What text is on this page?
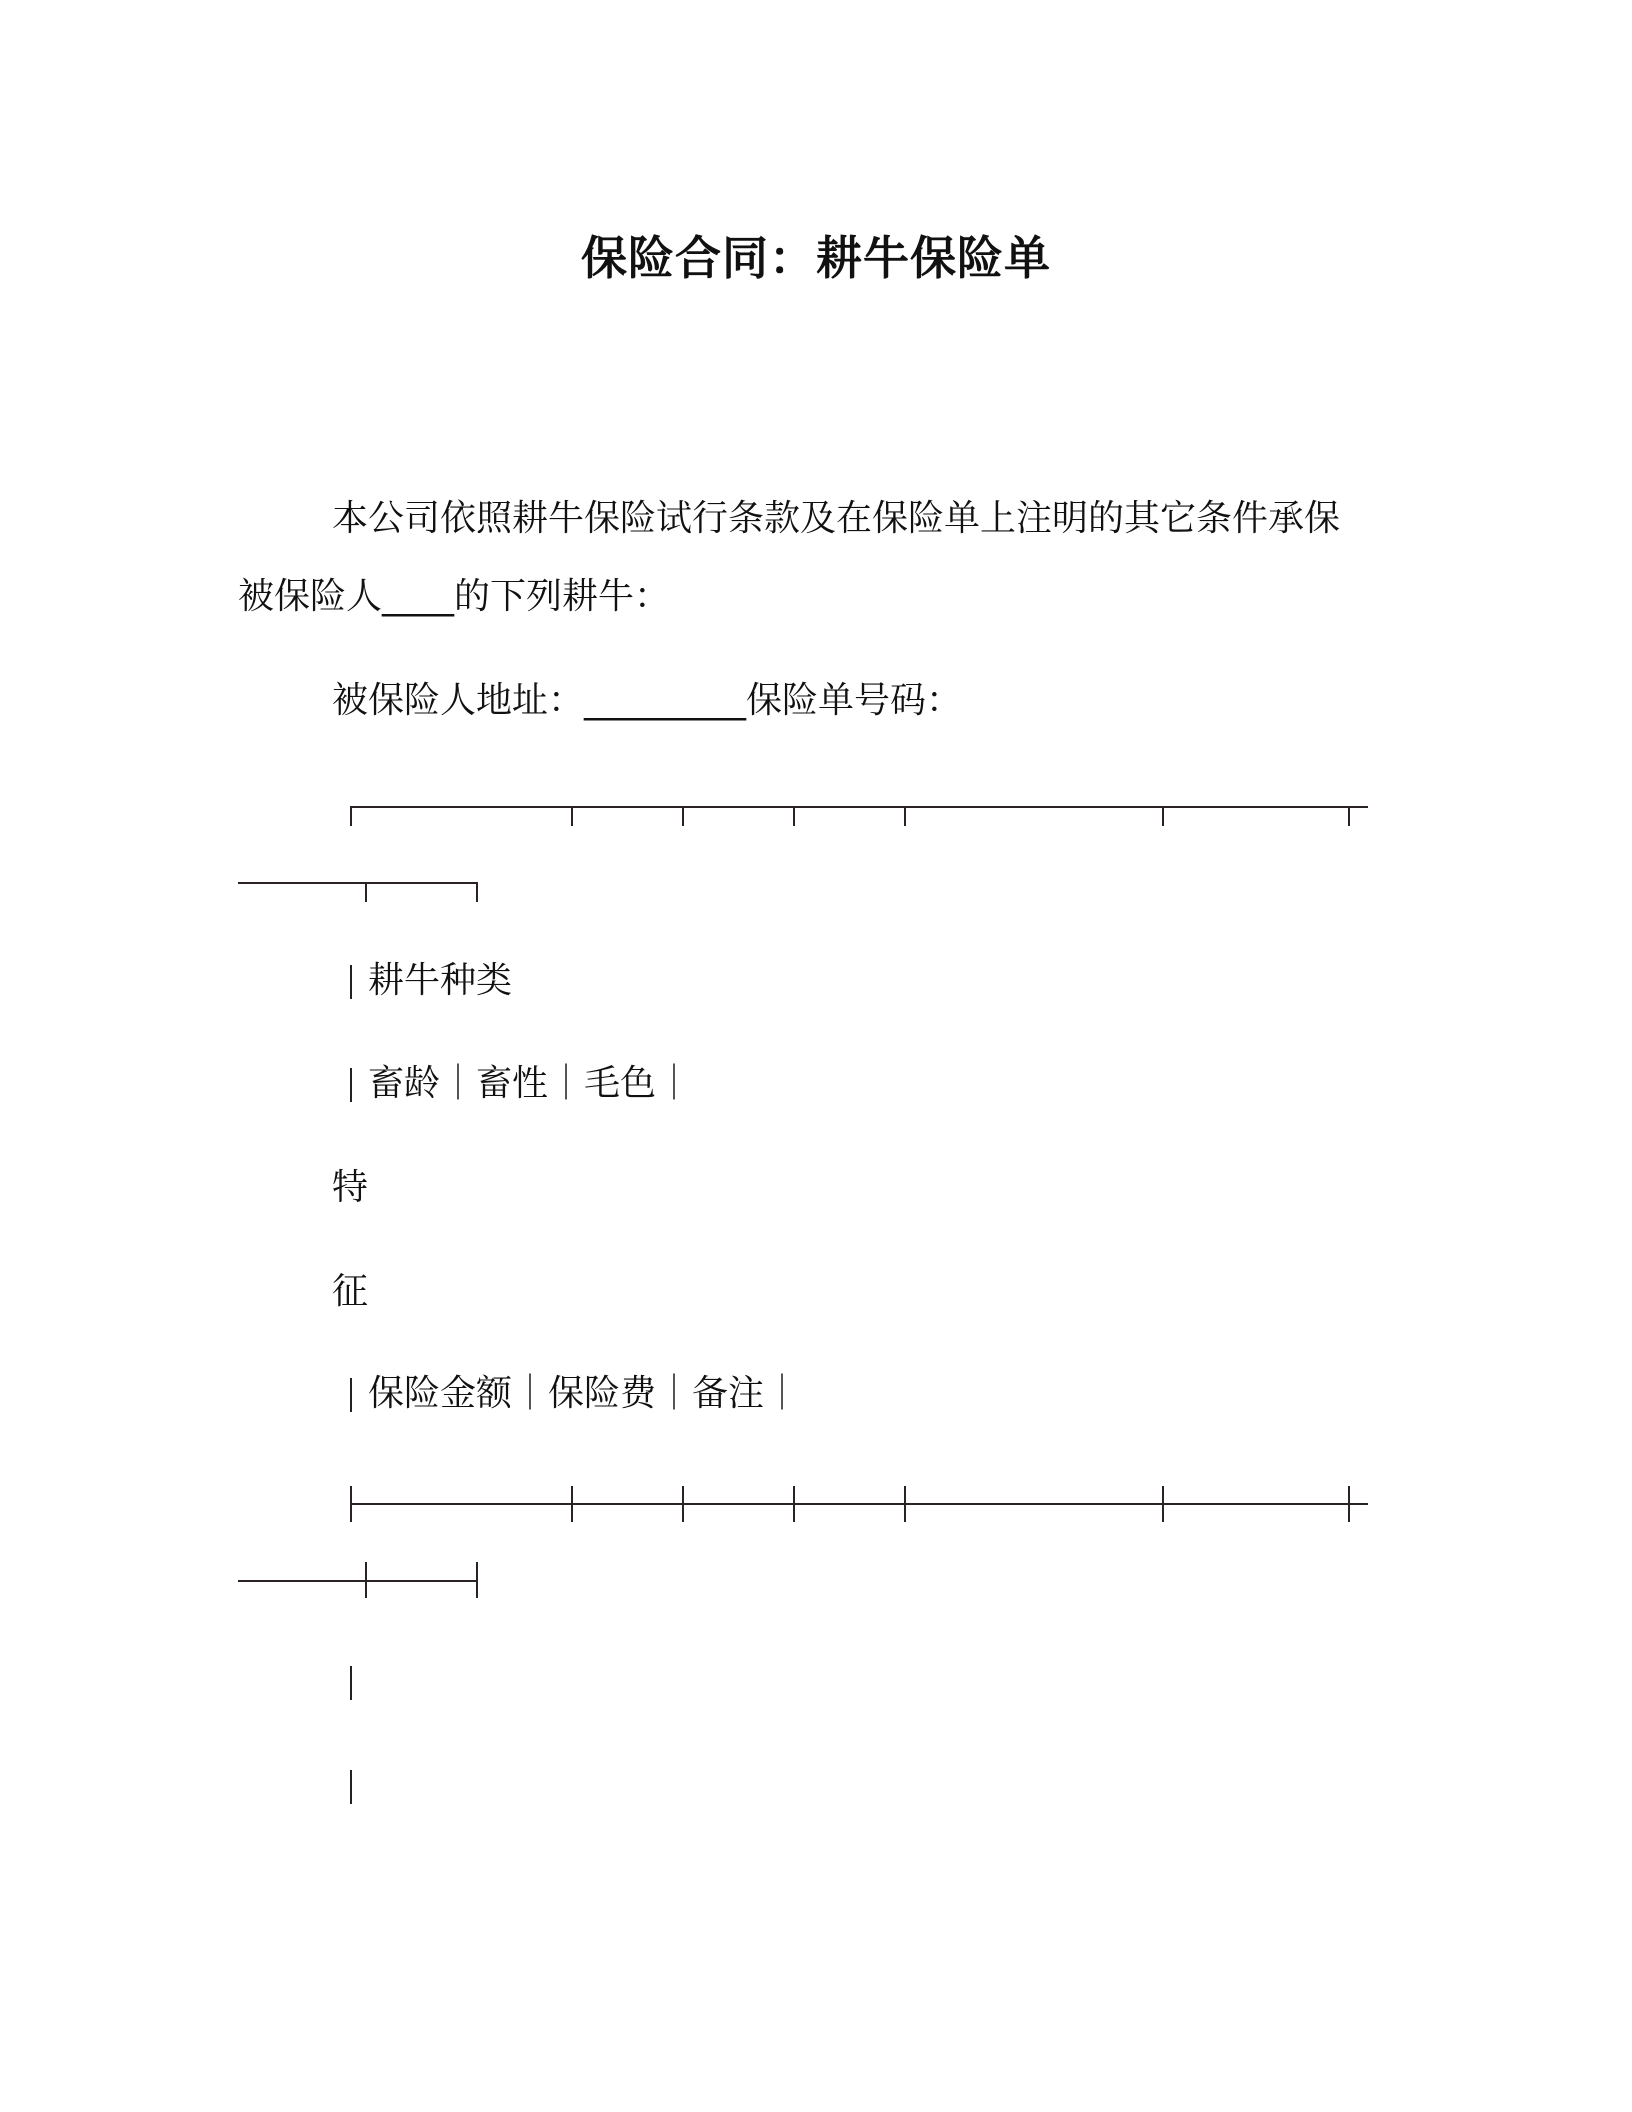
保险合同：耕牛保险单
本公司依照耕牛保险试行条款及在保险单上注明的其它条件承保
被保险人____的下列耕牛：
被保险人地址：_________保险单号码：
耕牛种类
畜龄｜畜性｜毛色｜
特
征
保险金额｜保险费｜备注｜
